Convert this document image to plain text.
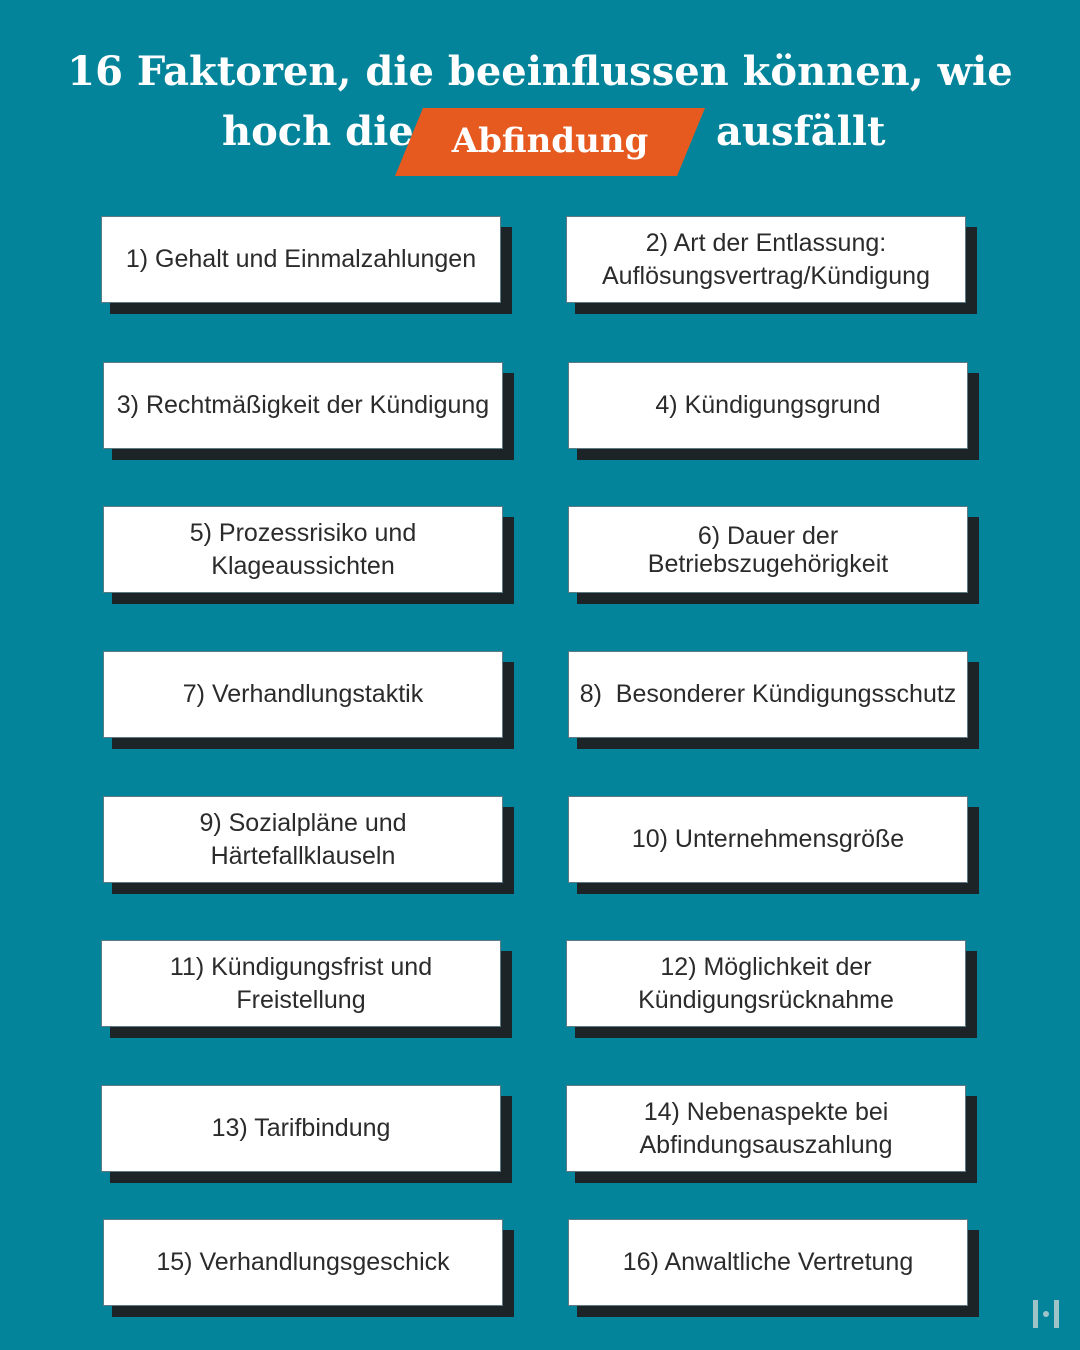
16 Faktoren, die beeinflussen können, wie
hoch die	Abfindung	ausfällt
1) Gehalt und Einmalzahlungen
2) Art der Entlassung: Auflösungsvertrag/Kündigung
3) Rechtmäßigkeit der Kündigung	4) Kündigungsgrund
5) Prozessrisiko und Klageaussichten
6) Dauer der Betriebszugehörigkeit
7) Verhandlungstaktik	8)  Besonderer Kündigungsschutz
9) Sozialpläne und Härtefallklauseln
10) Unternehmensgröße
11) Kündigungsfrist und Freistellung
12) Möglichkeit der Kündigungsrücknahme
13) Tarifbindung
14) Nebenaspekte bei Abfindungsauszahlung
15) Verhandlungsgeschick	16) Anwaltliche Vertretung
